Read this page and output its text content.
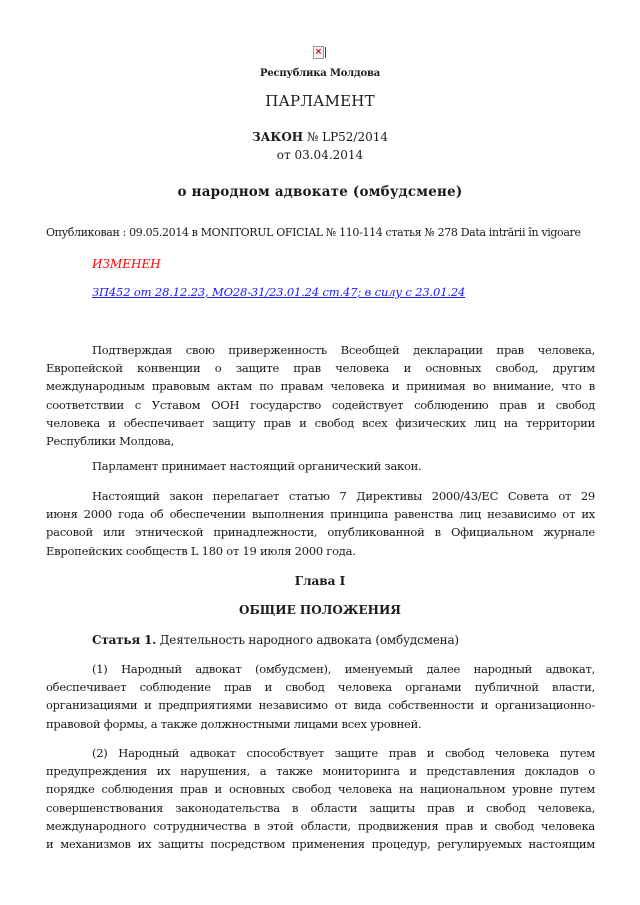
×
Республика Молдова
ПАРЛАМЕНТ
ЗАКОН № LP52/2014
от 03.04.2014
о народном адвокате (омбудсмене)
Опубликован : 09.05.2014 в MONITORUL OFICIAL № 110-114 статья № 278 Data intrării în vigoare
ИЗМЕНЕН
ЗП452 от 28.12.23, MO28-31/23.01.24 ст.47; в силу с 23.01.24
Подтверждая свою приверженность Всеобщей декларации прав человека,
Европейской конвенции о защите прав человека и основных свобод, другим
международным правовым актам по правам человека и принимая во внимание, что в
соответствии с Уставом ООН государство содействует соблюдению прав и свобод
человека и обеспечивает защиту прав и свобод всех физических лиц на территории
Республики Молдова,
Парламент принимает настоящий органический закон.
Настоящий закон перелагает статью 7 Директивы 2000/43/ЕС Совета от 29
июня 2000 года об обеспечении выполнения принципа равенства лиц независимо от их
расовой или этнической принадлежности, опубликованной в Официальном журнале
Европейских сообществ L 180 от 19 июля 2000 года.
Глава I
ОБЩИЕ ПОЛОЖЕНИЯ
Статья 1. Деятельность народного адвоката (омбудсмена)
(1) Народный адвокат (омбудсмен), именуемый далее народный адвокат,
обеспечивает соблюдение прав и свобод человека органами публичной власти,
организациями и предприятиями независимо от вида собственности и организационно-
правовой формы, а также должностными лицами всех уровней.
(2) Народный адвокат способствует защите прав и свобод человека путем
предупреждения их нарушения, а также мониторинга и представления докладов о
порядке соблюдения прав и основных свобод человека на национальном уровне путем
совершенствования законодательства в области защиты прав и свобод человека,
международного сотрудничества в этой области, продвижения прав и свобод человека
и механизмов их защиты посредством применения процедур, регулируемых настоящим
